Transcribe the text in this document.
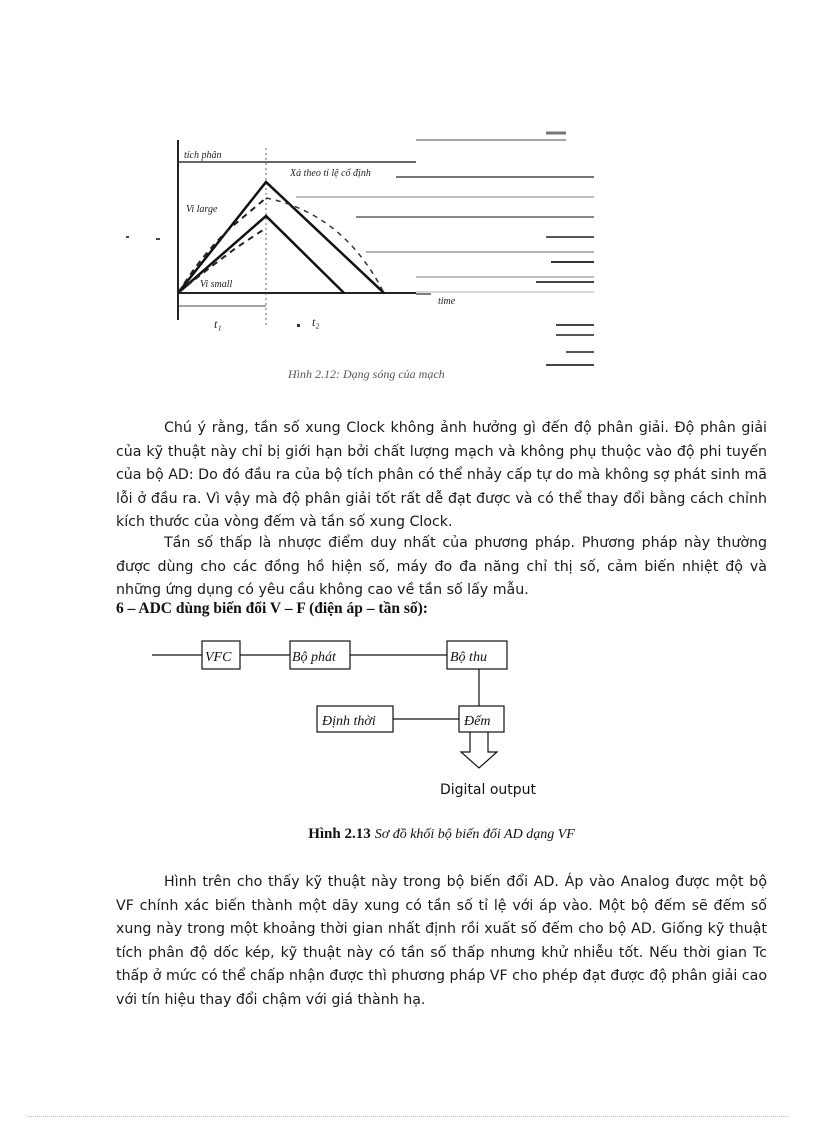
tích phân
Xả theo tỉ lệ cố định
Vi large
Vi small
time
t₁	t₂
Hình 2.12: Dạng sóng của mạch

Chú ý rằng, tần số xung Clock không ảnh hưởng gì đến độ phân giải. Độ phân giải của kỹ thuật này chỉ bị giới hạn bởi chất lượng mạch và không phụ thuộc vào độ phi tuyến của bộ AD: Do đó đầu ra của bộ tích phân có thể nhảy cấp tự do mà không sợ phát sinh mã lỗi ở đầu ra. Vì vậy mà độ phân giải tốt rất dễ đạt được và có thể thay đổi bằng cách chỉnh kích thước của vòng đếm và tần số xung Clock.

Tần số thấp là nhược điểm duy nhất của phương pháp. Phương pháp này thường được dùng cho các đồng hồ hiện số, máy đo đa năng chỉ thị số, cảm biến nhiệt độ và những ứng dụng có yêu cầu không cao về tần số lấy mẫu.

6 – ADC dùng biến đổi V – F (điện áp – tần số):
VFC	Bộ phát	Bộ thu
Định thời	Đếm
Digital output

Hình 2.13 Sơ đồ khối bộ biến đổi AD dạng VF

Hình trên cho thấy kỹ thuật này trong bộ biến đổi AD. Áp vào Analog được một bộ VF chính xác biến thành một dãy xung có tần số tỉ lệ với áp vào. Một bộ đếm sẽ đếm số xung này trong một khoảng thời gian nhất định rồi xuất số đếm cho bộ AD. Giống kỹ thuật tích phân độ dốc kép, kỹ thuật này có tần số thấp nhưng khử nhiễu tốt. Nếu thời gian Tc thấp ở mức có thể chấp nhận được thì phương pháp VF cho phép đạt được độ phân giải cao với tín hiệu thay đổi chậm với giá thành hạ.
